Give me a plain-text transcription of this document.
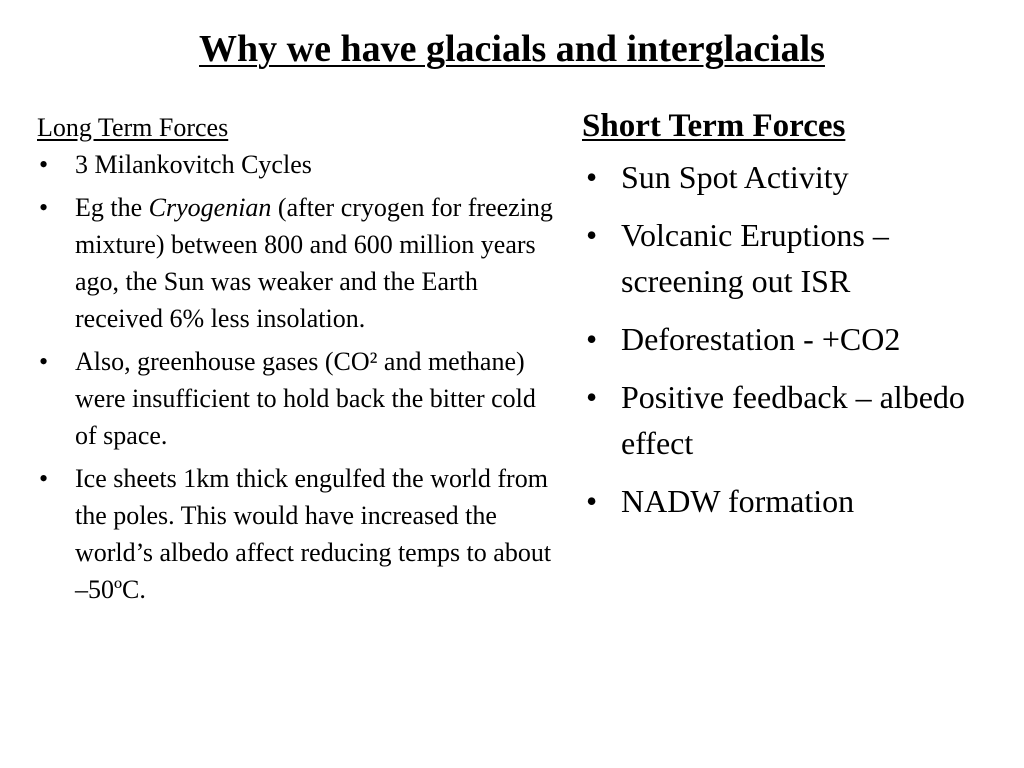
Why we have glacials and interglacials

Long Term Forces

• 3 Milankovitch Cycles
• Eg the Cryogenian (after cryogen for freezing mixture) between 800 and 600 million years ago, the Sun was weaker and the Earth received 6% less insolation.
• Also, greenhouse gases (CO² and methane) were insufficient to hold back the bitter cold of space.
• Ice sheets 1km thick engulfed the world from the poles. This would have increased the world’s albedo affect reducing temps to about –50ºC.

Short Term Forces

• Sun Spot Activity
• Volcanic Eruptions – screening out ISR
• Deforestation - +CO2
• Positive feedback – albedo effect
• NADW formation
